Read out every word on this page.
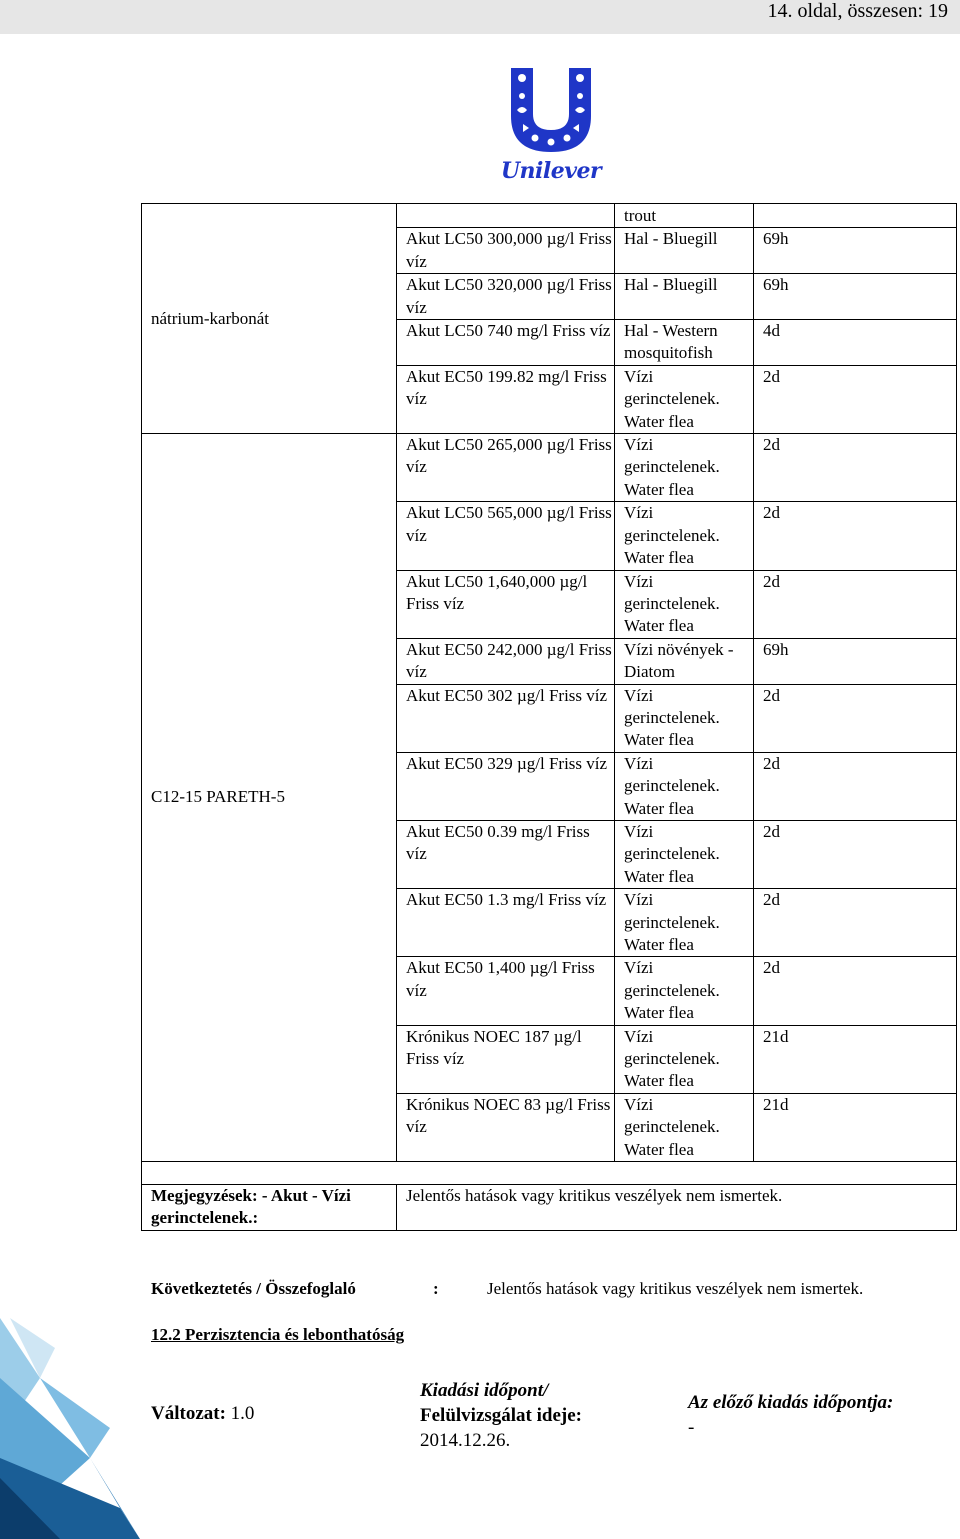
14. oldal, összesen: 19
Unilever
nátrium-karbonát		trout	
	Akut LC50 300,000 µg/l Friss víz	Hal - Bluegill	69h
	Akut LC50 320,000 µg/l Friss víz	Hal - Bluegill	69h
	Akut LC50 740 mg/l Friss víz	Hal - Western mosquitofish	4d
	Akut EC50 199.82 mg/l Friss víz	Vízi gerinctelenek. Water flea	2d
C12-15 PARETH-5	Akut LC50 265,000 µg/l Friss víz	Vízi gerinctelenek. Water flea	2d
	Akut LC50 565,000 µg/l Friss víz	Vízi gerinctelenek. Water flea	2d
	Akut LC50 1,640,000 µg/l Friss víz	Vízi gerinctelenek. Water flea	2d
	Akut EC50 242,000 µg/l Friss víz	Vízi növények - Diatom	69h
	Akut EC50 302 µg/l Friss víz	Vízi gerinctelenek. Water flea	2d
	Akut EC50 329 µg/l Friss víz	Vízi gerinctelenek. Water flea	2d
	Akut EC50 0.39 mg/l Friss víz	Vízi gerinctelenek. Water flea	2d
	Akut EC50 1.3 mg/l Friss víz	Vízi gerinctelenek. Water flea	2d
	Akut EC50 1,400 µg/l Friss víz	Vízi gerinctelenek. Water flea	2d
	Krónikus NOEC 187 µg/l Friss víz	Vízi gerinctelenek. Water flea	21d
	Krónikus NOEC 83 µg/l Friss víz	Vízi gerinctelenek. Water flea	21d

Megjegyzések: - Akut - Vízi gerinctelenek.:	Jelentős hatások vagy kritikus veszélyek nem ismertek.		
Következtetés / Összefoglaló	:	Jelentős hatások vagy kritikus veszélyek nem ismertek.
12.2 Perzisztencia és lebonthatóság
Változat: 1.0
Kiadási időpont/
Felülvizsgálat ideje:
2014.12.26.
Az előző kiadás időpontja:
-
